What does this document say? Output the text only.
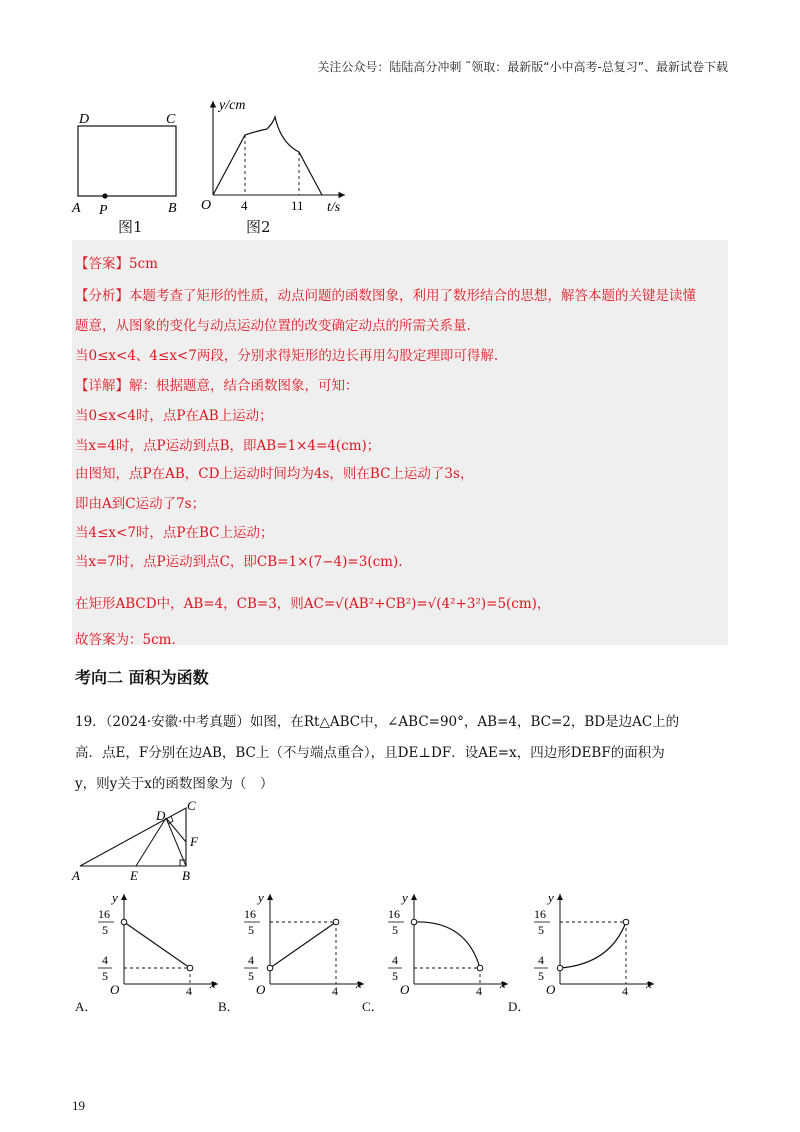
关注公众号：陆陆高分冲刺 ˜领取：最新版“小中高考-总复习”、最新试卷下载
D	C
A P	B
图1
y/cm
O 4	11 t/s
图2
【答案】5cm
【分析】本题考查了矩形的性质，动点问题的函数图象，利用了数形结合的思想，解答本题的关键是读懂
题意，从图象的变化与动点运动位置的改变确定动点的所需关系量.
当0≤x<4、4≤x<7两段，分别求得矩形的边长再用勾股定理即可得解.
【详解】解：根据题意，结合函数图象，可知：
当0≤x<4时，点P在AB上运动；
当x=4时，点P运动到点B，即AB=1×4=4(cm)；
由图知，点P在AB，CD上运动时间均为4s，则在BC上运动了3s，
即由A到C运动了7s；
当4≤x<7时，点P在BC上运动；
当x=7时，点P运动到点C，即CB=1×(7−4)=3(cm).
在矩形ABCD中，AB=4，CB=3，则AC=√(AB²+CB²)=√(4²+3²)=5(cm)，
故答案为：5cm.
考向二 面积为函数
19．（2024·安徽·中考真题）如图，在Rt△ABC中，∠ABC=90°，AB=4，BC=2，BD是边AC上的
高．点E，F分别在边AB，BC上（不与端点重合），且DE⊥DF．设AE=x，四边形DEBF的面积为
y，则y关于x的函数图象为（　）
A	E	B
C
D
F
y
x
O
16
5
4
5
4
y
x
O
16
5
4
5
4
y
x
O
16
5
4
5
4
y
x
O
16
5
4
5
4
A．	B．	C．	D．
19
